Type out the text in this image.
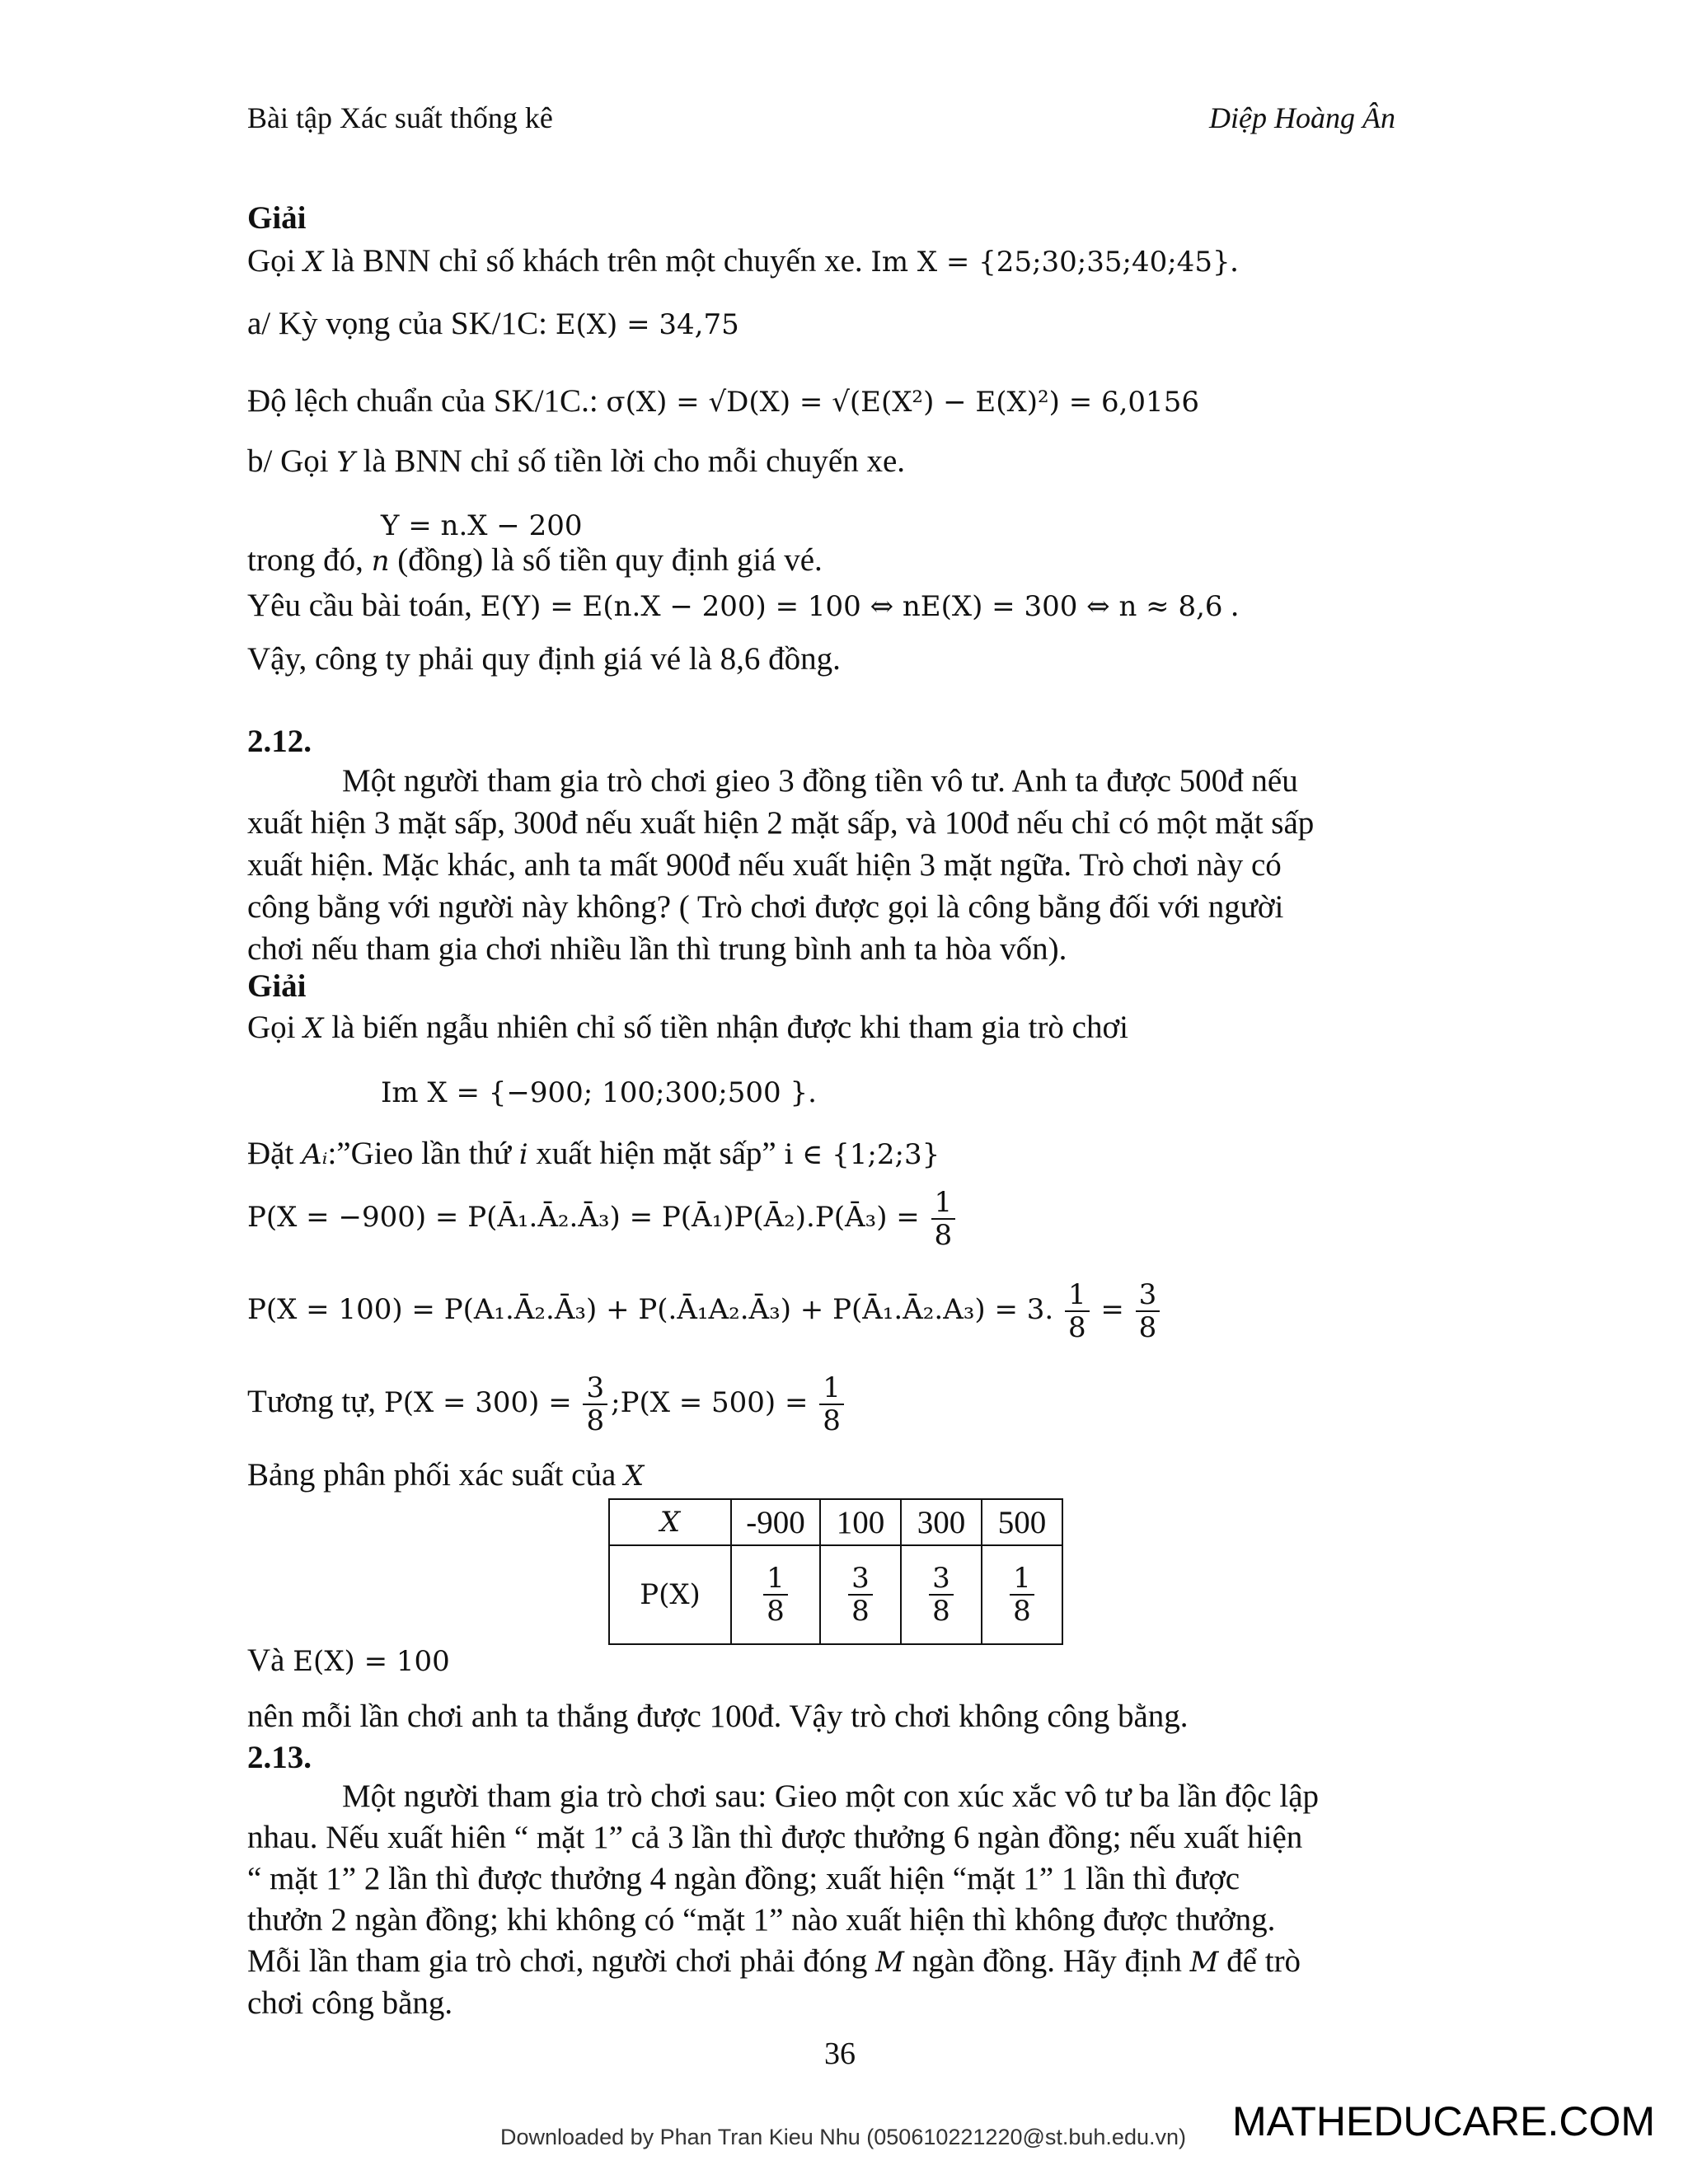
Bài tập Xác suất thống kê	Diệp Hoàng Ân
Giải
Gọi X là BNN chỉ số khách trên một chuyến xe. Im X = {25;30;35;40;45}.
a/ Kỳ vọng của SK/1C: E(X) = 34,75
Độ lệch chuẩn của SK/1C.: σ(X) = √D(X) = √(E(X²) − E(X)²) = 6,0156
b/ Gọi Y là BNN chỉ số tiền lời cho mỗi chuyến xe.
Y = n.X − 200
trong đó, n (đồng) là số tiền quy định giá vé.
Yêu cầu bài toán, E(Y) = E(n.X − 200) = 100 ⇔ nE(X) = 300 ⇔ n ≈ 8,6 .
Vậy, công ty phải quy định giá vé là 8,6 đồng.
2.12.
Một người tham gia trò chơi gieo 3 đồng tiền vô tư. Anh ta được 500đ nếu
xuất hiện 3 mặt sấp, 300đ nếu xuất hiện 2 mặt sấp, và 100đ nếu chỉ có một mặt sấp
xuất hiện. Mặc khác, anh ta mất 900đ nếu xuất hiện 3 mặt ngữa. Trò chơi này có
công bằng với người này không? ( Trò chơi được gọi là công bằng đối với người
chơi nếu tham gia chơi nhiều lần thì trung bình anh ta hòa vốn).
Giải
Gọi X là biến ngẫu nhiên chỉ số tiền nhận được khi tham gia trò chơi
Im X = {−900; 100;300;500 }.
Đặt Aᵢ:”Gieo lần thứ i xuất hiện mặt sấp” i ∈ {1;2;3}
P(X = −900) = P(Ā₁.Ā₂.Ā₃) = P(Ā₁)P(Ā₂).P(Ā₃) = $\frac{1}{8}$
P(X = 100) = P(A₁.Ā₂.Ā₃) + P(.Ā₁A₂.Ā₃) + P(Ā₁.Ā₂.A₃) = 3. $\frac{1}{8} = \frac{3}{8}$
Tương tự, $P(X = 300) = \frac{3}{8}$ ;P(X = $500) = \frac{1}{8}$
Bảng phân phối xác suất của X
X	-900	100	300	500
P(X)	$\frac{1}{8}$	$\frac{3}{8}$	$\frac{3}{8}$	$\frac{1}{8}$
Và E(X) = 100
nên mỗi lần chơi anh ta thắng được 100đ. Vậy trò chơi không công bằng.
2.13.
Một người tham gia trò chơi sau: Gieo một con xúc xắc vô tư ba lần độc lập
nhau. Nếu xuất hiên “ mặt 1” cả 3 lần thì được thưởng 6 ngàn đồng; nếu xuất hiện
“ mặt 1” 2 lần thì được thưởng 4 ngàn đồng; xuất hiện “mặt 1” 1 lần thì được
thưởn 2 ngàn đồng; khi không có “mặt 1” nào xuất hiện thì không được thưởng.
Mỗi lần tham gia trò chơi, người chơi phải đóng M ngàn đồng. Hãy định M để trò
chơi công bằng.
36
Downloaded by Phan Tran Kieu Nhu (050610221220@st.buh.edu.vn) MATHEDUCARE.COM
